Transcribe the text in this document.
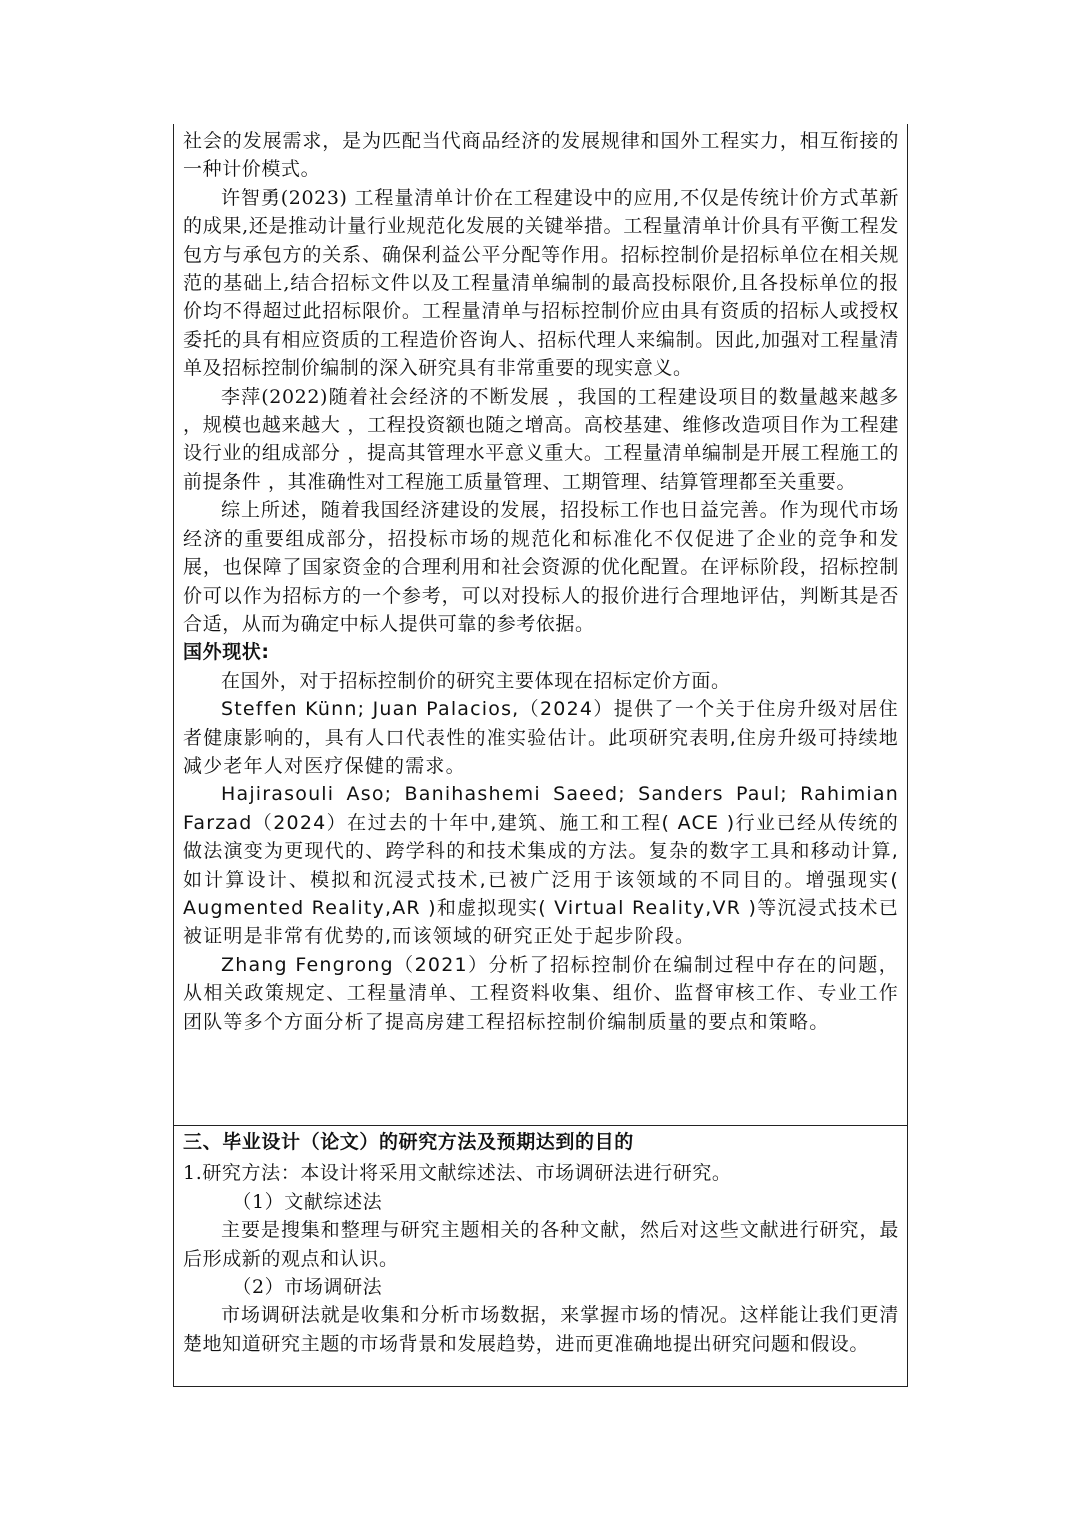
社会的发展需求，是为匹配当代商品经济的发展规律和国外工程实力，相互衔接的一种计价模式。

许智勇(2023) 工程量清单计价在工程建设中的应用,不仅是传统计价方式革新的成果,还是推动计量行业规范化发展的关键举措。工程量清单计价具有平衡工程发包方与承包方的关系、确保利益公平分配等作用。招标控制价是招标单位在相关规范的基础上,结合招标文件以及工程量清单编制的最高投标限价,且各投标单位的报价均不得超过此招标限价。工程量清单与招标控制价应由具有资质的招标人或授权委托的具有相应资质的工程造价咨询人、招标代理人来编制。因此,加强对工程量清单及招标控制价编制的深入研究具有非常重要的现实意义。

李萍(2022)随着社会经济的不断发展 ，我国的工程建设项目的数量越来越多 ，规模也越来越大 ，工程投资额也随之增高。高校基建、维修改造项目作为工程建设行业的组成部分 ，提高其管理水平意义重大。工程量清单编制是开展工程施工的前提条件 ，其准确性对工程施工质量管理、工期管理、结算管理都至关重要。

综上所述，随着我国经济建设的发展，招投标工作也日益完善。作为现代市场经济的重要组成部分，招投标市场的规范化和标准化不仅促进了企业的竞争和发展，也保障了国家资金的合理利用和社会资源的优化配置。在评标阶段，招标控制价可以作为招标方的一个参考，可以对投标人的报价进行合理地评估，判断其是否合适，从而为确定中标人提供可靠的参考依据。

国外现状:

在国外，对于招标控制价的研究主要体现在招标定价方面。

Steffen Künn; Juan Palacios,（2024）提供了一个关于住房升级对居住者健康影响的，具有人口代表性的准实验估计。此项研究表明,住房升级可持续地减少老年人对医疗保健的需求。

Hajirasouli Aso; Banihashemi Saeed; Sanders Paul; Rahimian Farzad（2024）在过去的十年中,建筑、施工和工程( ACE )行业已经从传统的做法演变为更现代的、跨学科的和技术集成的方法。复杂的数字工具和移动计算,如计算设计、模拟和沉浸式技术,已被广泛用于该领域的不同目的。增强现实( Augmented Reality,AR )和虚拟现实( Virtual Reality,VR )等沉浸式技术已被证明是非常有优势的,而该领域的研究正处于起步阶段。

Zhang Fengrong（2021）分析了招标控制价在编制过程中存在的问题，从相关政策规定、工程量清单、工程资料收集、组价、监督审核工作、专业工作团队等多个方面分析了提高房建工程招标控制价编制质量的要点和策略。

三、毕业设计（论文）的研究方法及预期达到的目的

1.研究方法：本设计将采用文献综述法、市场调研法进行研究。

（1）文献综述法

主要是搜集和整理与研究主题相关的各种文献，然后对这些文献进行研究，最后形成新的观点和认识。

（2）市场调研法

市场调研法就是收集和分析市场数据，来掌握市场的情况。这样能让我们更清楚地知道研究主题的市场背景和发展趋势，进而更准确地提出研究问题和假设。
